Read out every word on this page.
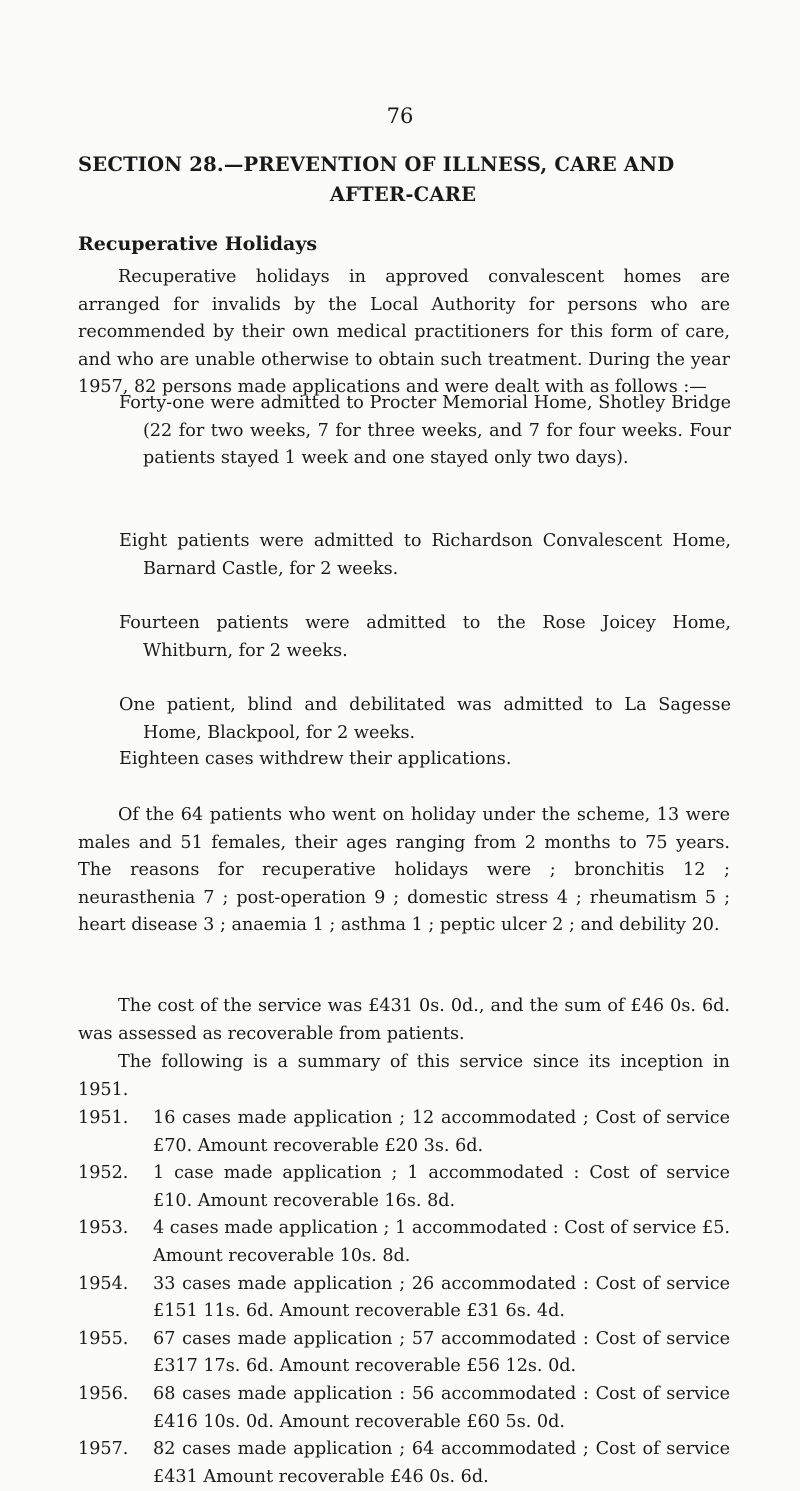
76
SECTION 28.—PREVENTION OF ILLNESS, CARE AND
AFTER-CARE
Recuperative Holidays

Recuperative holidays in approved convalescent homes are arranged for invalids by the Local Authority for persons who are recommended by their own medical practitioners for this form of care, and who are unable otherwise to obtain such treatment. During the year 1957, 82 persons made applications and were dealt with as follows :—

Forty-one were admitted to Procter Memorial Home, Shotley Bridge (22 for two weeks, 7 for three weeks, and 7 for four weeks. Four patients stayed 1 week and one stayed only two days).
Eight patients were admitted to Richardson Convalescent Home, Barnard Castle, for 2 weeks.
Fourteen patients were admitted to the Rose Joicey Home, Whitburn, for 2 weeks.
One patient, blind and debilitated was admitted to La Sagesse Home, Blackpool, for 2 weeks.
Eighteen cases withdrew their applications.

Of the 64 patients who went on holiday under the scheme, 13 were males and 51 females, their ages ranging from 2 months to 75 years. The reasons for recuperative holidays were ; bronchitis 12 ; neurasthenia 7 ; post-operation 9 ; domestic stress 4 ; rheumatism 5 ; heart disease 3 ; anaemia 1 ; asthma 1 ; peptic ulcer 2 ; and debility 20.

The cost of the service was £431 0s. 0d., and the sum of £46 0s. 6d. was assessed as recoverable from patients.

The following is a summary of this service since its inception in 1951.

1951.	16 cases made application ; 12 accommodated ; Cost of service £70. Amount recoverable £20 3s. 6d.
1952.	1 case made application ; 1 accommodated : Cost of service £10. Amount recoverable 16s. 8d.
1953.	4 cases made application ; 1 accommodated : Cost of service £5. Amount recoverable 10s. 8d.
1954.	33 cases made application ; 26 accommodated : Cost of service £151 11s. 6d. Amount recoverable £31 6s. 4d.
1955.	67 cases made application ; 57 accommodated : Cost of service £317 17s. 6d. Amount recoverable £56 12s. 0d.
1956.	68 cases made application : 56 accommodated : Cost of service £416 10s. 0d. Amount recoverable £60 5s. 0d.
1957.	82 cases made application ; 64 accommodated ; Cost of service £431 Amount recoverable £46 0s. 6d.
